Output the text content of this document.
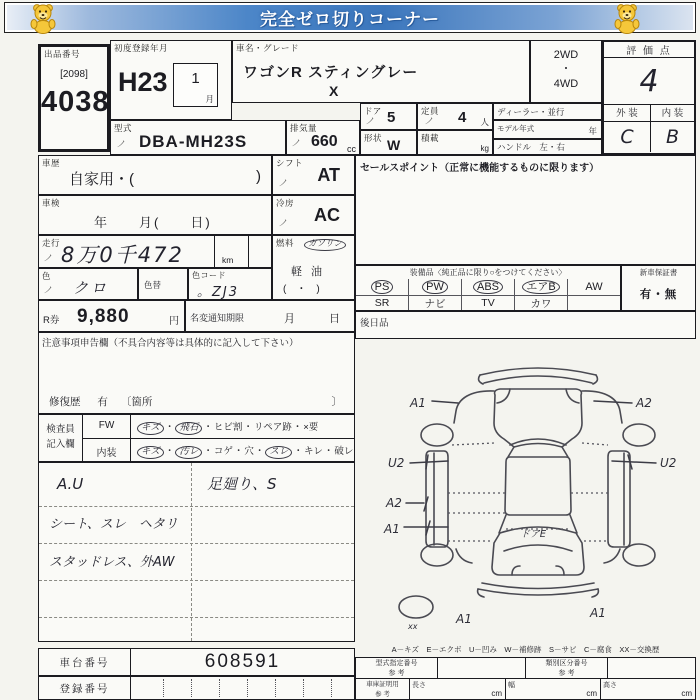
完全ゼロ切りコーナー
出品番号
[2098]
4038
初度登録年月
H23	1
月
車名・グレード
ワゴンR スティングレー
X
2WD
・
4WD
評 価 点
4
外 装	内 装
C	B
型式
ノ DBA-MH23S
排気量
ノ 660 cc
ドア
ノ 5	定員
ノ 4 人
形状 W 積載
kg
ディーラー・並行
モデル年式	年
ハンドル 左・右
車歴
自家用・(	)
シフト
ノ AT
車検
年　　月(　　日)
冷房
ノ AC
走行
ノ 8万0千472	km
燃料	ガソリン
軽 油
(　・　)
色
ノ クロ	色替
色コード
。ZJ3
R券 9,880	円 名変通知期限	月　　日
注意事項申告欄（不具合内容等は具体的に記入して下さい）
修復歴 有 〔箇所	〕
検査員
記入欄
FW	キズ ・ 飛石 ・ヒビ割・リペア跡・×要
内装	キズ ・ 汚レ ・コゲ・穴・ スレ ・キレ・破レ
A.U
シート、スレ　ヘタリ
スタッドレス、外AW
足廻り、S
車台番号	608591
登録番号
セールスポイント（正常に機能するものに限ります）
装備品〈純正品に限り○をつけてください〉
PS	PW	ABS	エアB	AW
SR	ナビ	TV	カワ
新車保証書
有・無
後日品
A1	A2
U2
A2
A1
U2
ドアE
A1	A1
xx
A－キズ　E－エクボ　U－凹み　W－補修跡　S－サビ　C－腐食　XX－交換歴
型式指定番号
参 考
類別区分番号
参 考
車庫証明用
参 考
長さ
cm
幅
cm
高さ
cm
